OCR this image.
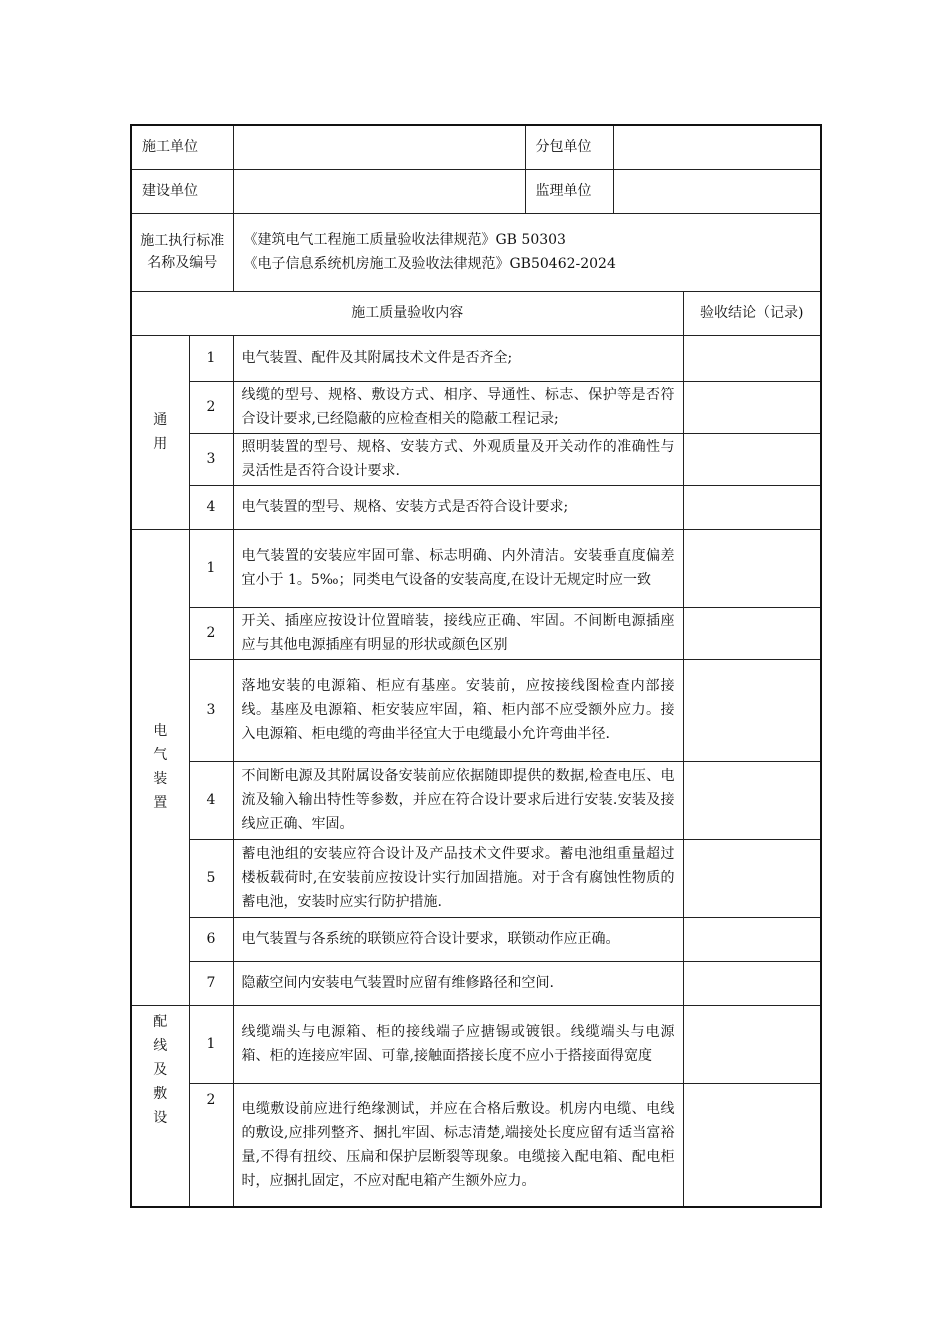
施工单位			分包单位		
建设单位			监理单位		
施工执行标准名称及编号		《建筑电气工程施工质量验收法律规范》GB 50303
《电子信息系统机房施工及验收法律规范》GB50462-2024			

施工质量验收内容					验收结论（记录)

通
用	1	电气装置、配件及其附属技术文件是否齐全;			
	2	线缆的型号、规格、敷设方式、相序、导通性、标志、保护等是否符合设计要求,已经隐蔽的应检查相关的隐蔽工程记录;			
	3	照明装置的型号、规格、安装方式、外观质量及开关动作的准确性与灵活性是否符合设计要求.			
	4	电气装置的型号、规格、安装方式是否符合设计要求;			

电
气
装
置	1	电气装置的安装应牢固可靠、标志明确、内外清洁。安装垂直度偏差宜小于 1。5‰；同类电气设备的安装高度,在设计无规定时应一致			
	2	开关、插座应按设计位置暗装，接线应正确、牢固。不间断电源插座应与其他电源插座有明显的形状或颜色区别			
	3	落地安装的电源箱、柜应有基座。安装前，应按接线图检查内部接线。基座及电源箱、柜安装应牢固，箱、柜内部不应受额外应力。接入电源箱、柜电缆的弯曲半径宜大于电缆最小允许弯曲半径.			
	4	不间断电源及其附属设备安装前应依据随即提供的数据,检查电压、电流及输入输出特性等参数，并应在符合设计要求后进行安装.安装及接线应正确、牢固。			
	5	蓄电池组的安装应符合设计及产品技术文件要求。蓄电池组重量超过楼板载荷时,在安装前应按设计实行加固措施。对于含有腐蚀性物质的蓄电池，安装时应实行防护措施.			
	6	电气装置与各系统的联锁应符合设计要求，联锁动作应正确。			
	7	隐蔽空间内安装电气装置时应留有维修路径和空间.			

配
线
及
敷
设	1	线缆端头与电源箱、柜的接线端子应搪锡或镀银。线缆端头与电源箱、柜的连接应牢固、可靠,接触面搭接长度不应小于搭接面得宽度			
	2	电缆敷设前应进行绝缘测试，并应在合格后敷设。机房内电缆、电线的敷设,应排列整齐、捆扎牢固、标志清楚,端接处长度应留有适当富裕量,不得有扭绞、压扁和保护层断裂等现象。电缆接入配电箱、配电柜时，应捆扎固定，不应对配电箱产生额外应力。			
